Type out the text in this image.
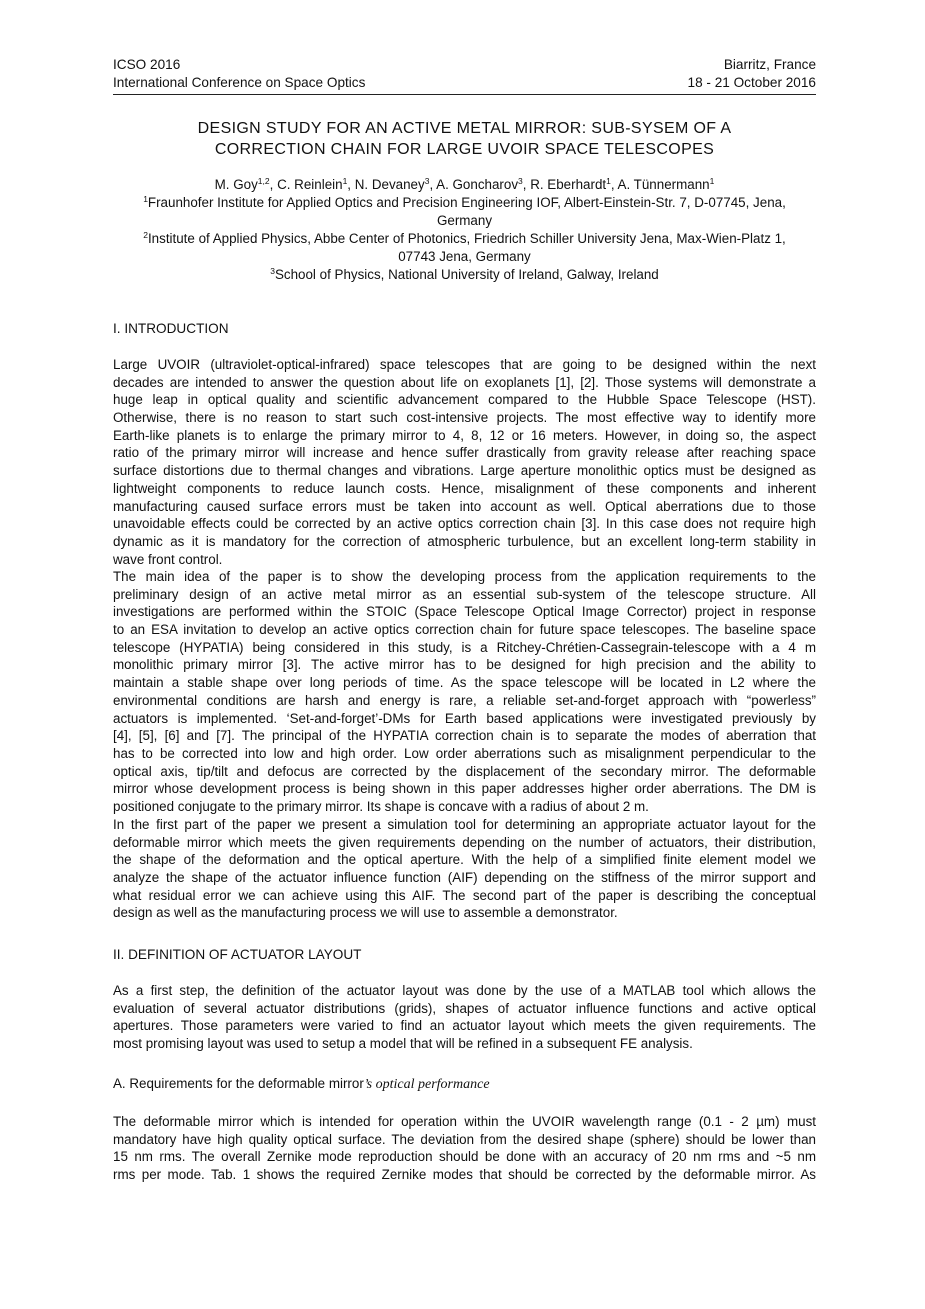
ICSO 2016	Biarritz, France
International Conference on Space Optics	18 - 21 October 2016
DESIGN STUDY FOR AN ACTIVE METAL MIRROR: SUB-SYSEM OF A
CORRECTION CHAIN FOR LARGE UVOIR SPACE TELESCOPES
M. Goy$^{1,2}$, C. Reinlein$^1$, N. Devaney$^3$, A. Goncharov$^3$, R. Eberhardt$^1$, A. Tünnermann$^1$
$^1$Fraunhofer Institute for Applied Optics and Precision Engineering IOF, Albert-Einstein-Str. 7, D-07745, Jena,
Germany
$^2$Institute of Applied Physics, Abbe Center of Photonics, Friedrich Schiller University Jena, Max-Wien-Platz 1,
07743 Jena, Germany
$^3$School of Physics, National University of Ireland, Galway, Ireland
I. INTRODUCTION
Large UVOIR (ultraviolet-optical-infrared) space telescopes that are going to be designed within the next
decades are intended to answer the question about life on exoplanets [1], [2]. Those systems will demonstrate a
huge leap in optical quality and scientific advancement compared to the Hubble Space Telescope (HST).
Otherwise, there is no reason to start such cost-intensive projects. The most effective way to identify more
Earth-like planets is to enlarge the primary mirror to 4, 8, 12 or 16 meters. However, in doing so, the aspect
ratio of the primary mirror will increase and hence suffer drastically from gravity release after reaching space
surface distortions due to thermal changes and vibrations. Large aperture monolithic optics must be designed as
lightweight components to reduce launch costs. Hence, misalignment of these components and inherent
manufacturing caused surface errors must be taken into account as well. Optical aberrations due to those
unavoidable effects could be corrected by an active optics correction chain [3]. In this case does not require high
dynamic as it is mandatory for the correction of atmospheric turbulence, but an excellent long-term stability in
wave front control.
The main idea of the paper is to show the developing process from the application requirements to the
preliminary design of an active metal mirror as an essential sub-system of the telescope structure. All
investigations are performed within the STOIC (Space Telescope Optical Image Corrector) project in response
to an ESA invitation to develop an active optics correction chain for future space telescopes. The baseline space
telescope (HYPATIA) being considered in this study, is a Ritchey-Chrétien-Cassegrain-telescope with a 4 m
monolithic primary mirror [3]. The active mirror has to be designed for high precision and the ability to
maintain a stable shape over long periods of time. As the space telescope will be located in L2 where the
environmental conditions are harsh and energy is rare, a reliable set-and-forget approach with “powerless”
actuators is implemented. ‘Set-and-forget’-DMs for Earth based applications were investigated previously by
[4], [5], [6] and [7]. The principal of the HYPATIA correction chain is to separate the modes of aberration that
has to be corrected into low and high order. Low order aberrations such as misalignment perpendicular to the
optical axis, tip/tilt and defocus are corrected by the displacement of the secondary mirror. The deformable
mirror whose development process is being shown in this paper addresses higher order aberrations. The DM is
positioned conjugate to the primary mirror. Its shape is concave with a radius of about 2 m.
In the first part of the paper we present a simulation tool for determining an appropriate actuator layout for the
deformable mirror which meets the given requirements depending on the number of actuators, their distribution,
the shape of the deformation and the optical aperture. With the help of a simplified finite element model we
analyze the shape of the actuator influence function (AIF) depending on the stiffness of the mirror support and
what residual error we can achieve using this AIF. The second part of the paper is describing the conceptual
design as well as the manufacturing process we will use to assemble a demonstrator.
II. DEFINITION OF ACTUATOR LAYOUT
As a first step, the definition of the actuator layout was done by the use of a MATLAB tool which allows the
evaluation of several actuator distributions (grids), shapes of actuator influence functions and active optical
apertures. Those parameters were varied to find an actuator layout which meets the given requirements. The
most promising layout was used to setup a model that will be refined in a subsequent FE analysis.
A. Requirements for the deformable mirror’s optical performance
The deformable mirror which is intended for operation within the UVOIR wavelength range (0.1 - 2 µm) must
mandatory have high quality optical surface. The deviation from the desired shape (sphere) should be lower than
15 nm rms. The overall Zernike mode reproduction should be done with an accuracy of 20 nm rms and ~5 nm
rms per mode. Tab. 1 shows the required Zernike modes that should be corrected by the deformable mirror. As
